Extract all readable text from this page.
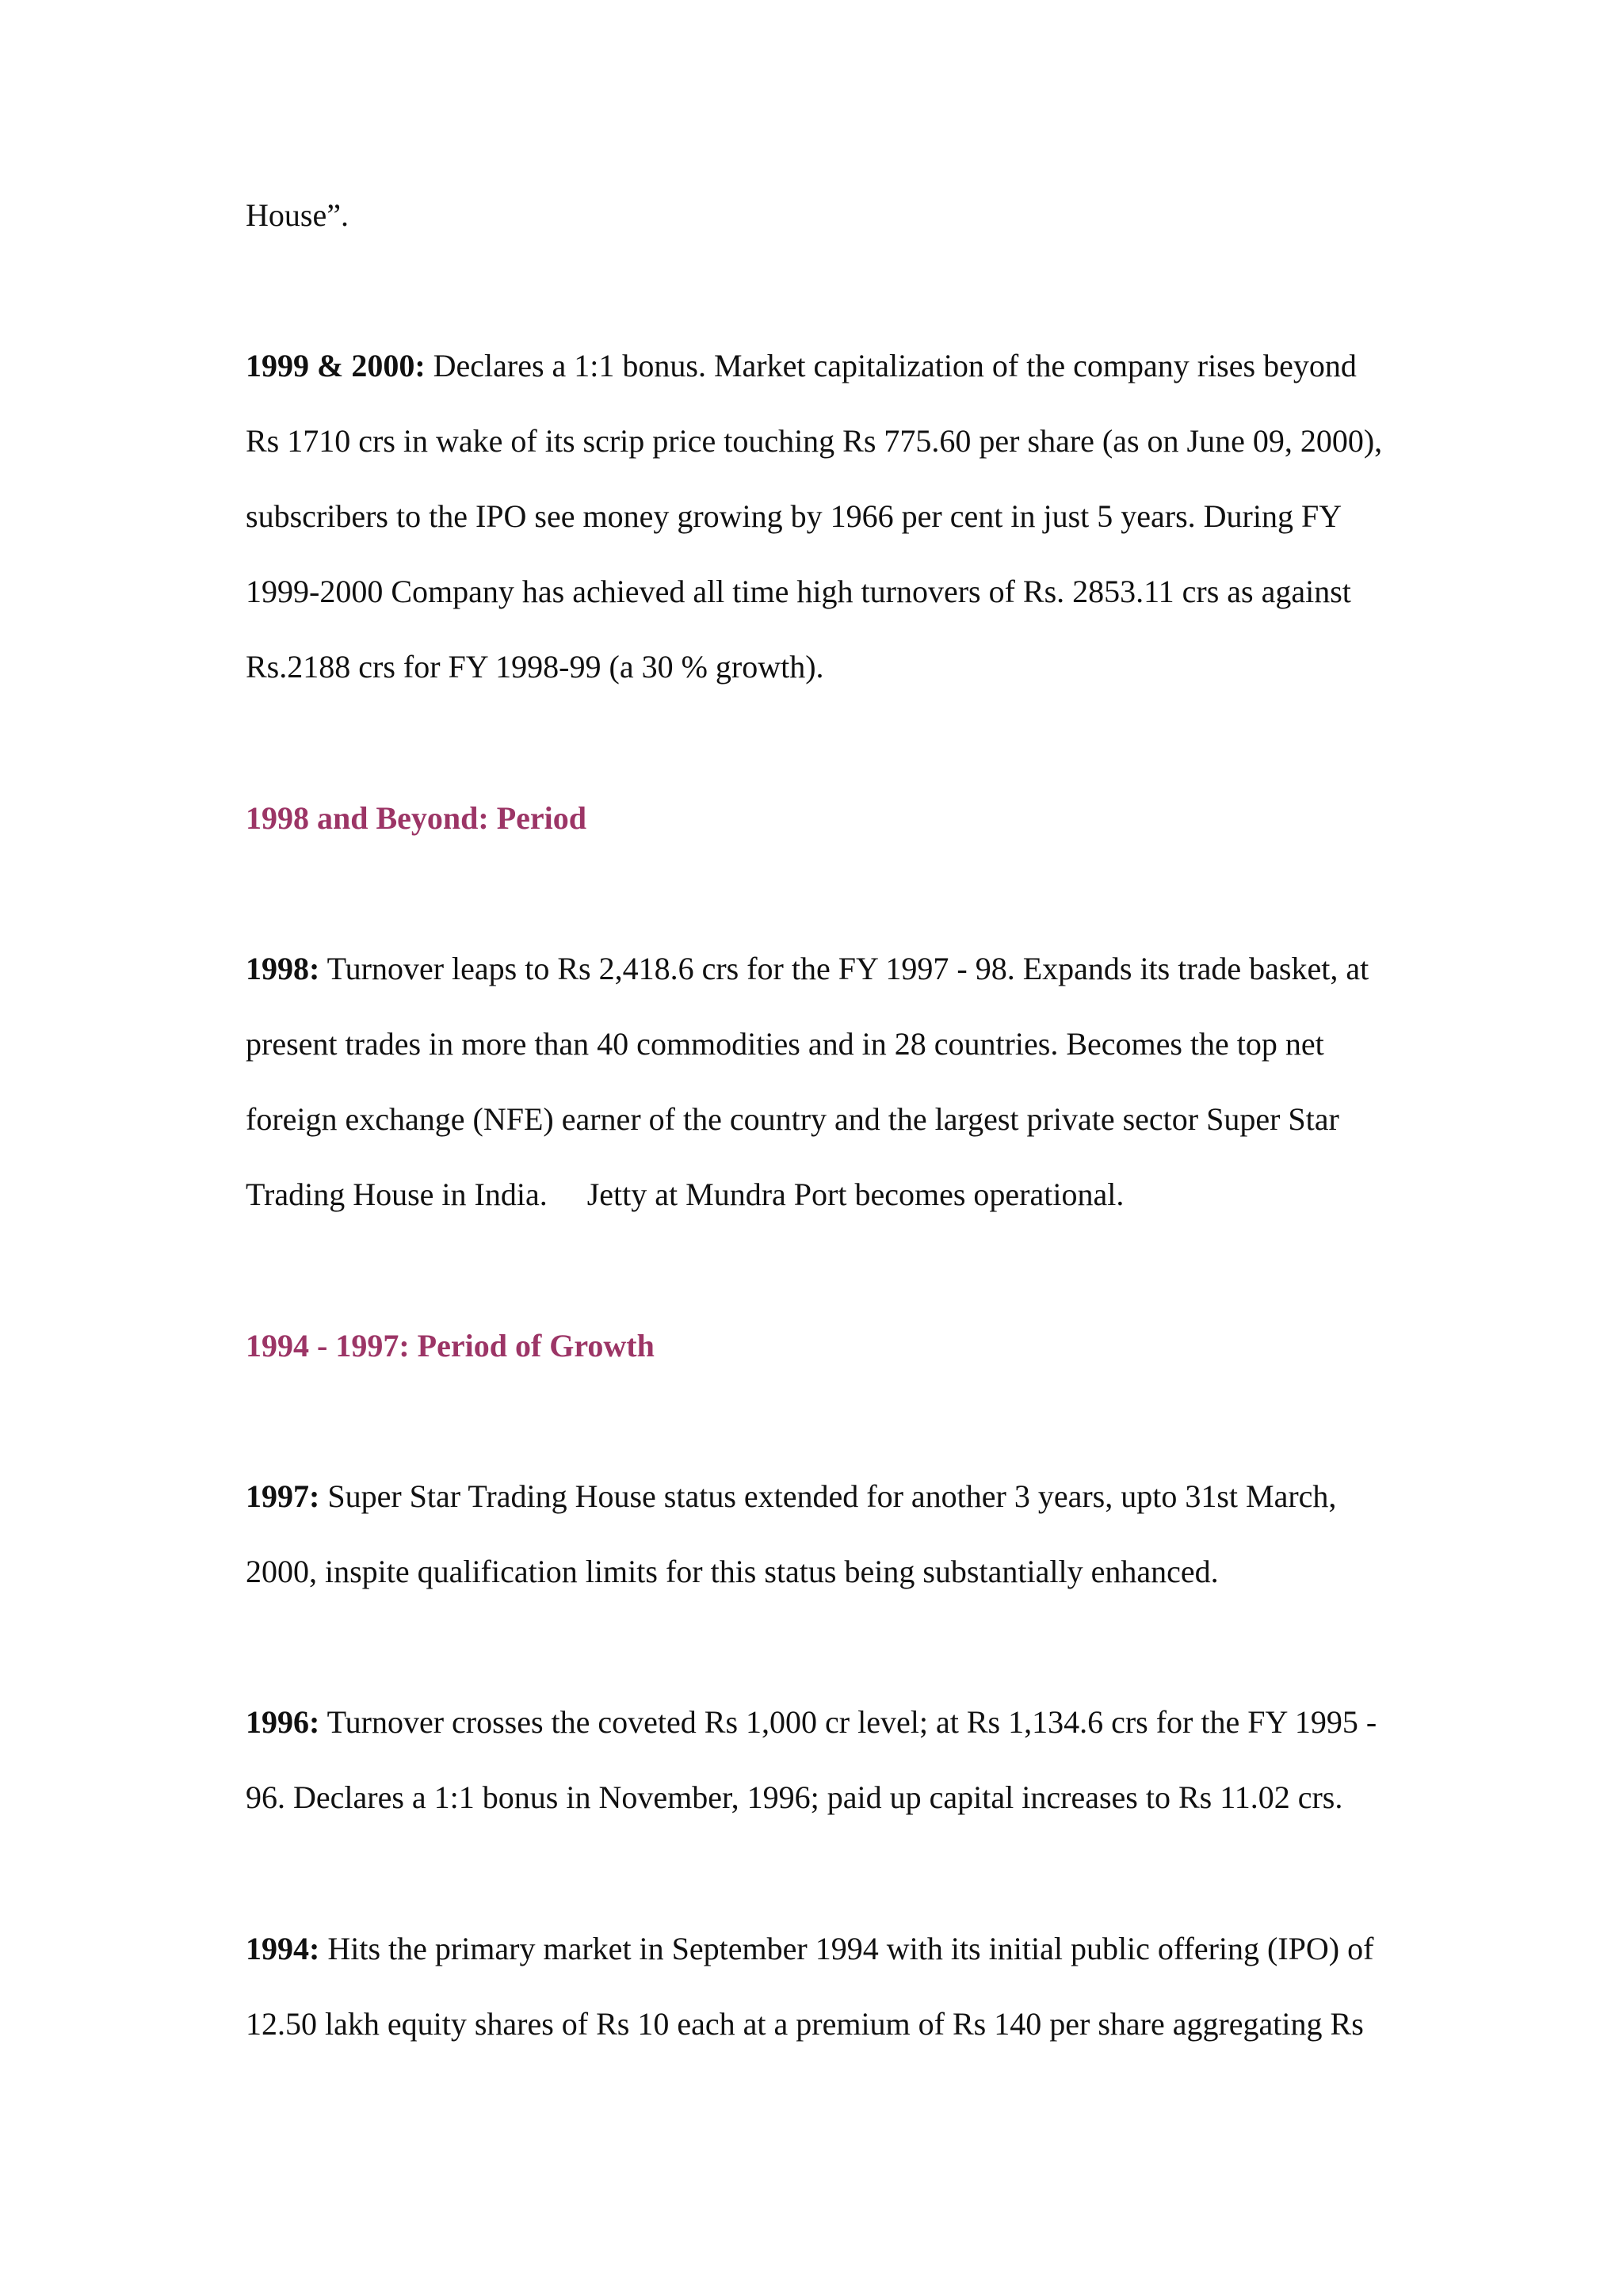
House”.
1999 & 2000: Declares a 1:1 bonus. Market capitalization of the company rises beyond
Rs 1710 crs in wake of its scrip price touching Rs 775.60 per share (as on June 09, 2000),
subscribers to the IPO see money growing by 1966 per cent in just 5 years. During FY
1999-2000 Company has achieved all time high turnovers of Rs. 2853.11 crs as against
Rs.2188 crs for FY 1998-99 (a 30 % growth).
1998 and Beyond: Period
1998: Turnover leaps to Rs 2,418.6 crs for the FY 1997 - 98. Expands its trade basket, at
present trades in more than 40 commodities and in 28 countries. Becomes the top net
foreign exchange (NFE) earner of the country and the largest private sector Super Star
Trading House in India.     Jetty at Mundra Port becomes operational.
1994 - 1997: Period of Growth
1997: Super Star Trading House status extended for another 3 years, upto 31st March,
2000, inspite qualification limits for this status being substantially enhanced.
1996: Turnover crosses the coveted Rs 1,000 cr level; at Rs 1,134.6 crs for the FY 1995 -
96. Declares a 1:1 bonus in November, 1996; paid up capital increases to Rs 11.02 crs.
1994: Hits the primary market in September 1994 with its initial public offering (IPO) of
12.50 lakh equity shares of Rs 10 each at a premium of Rs 140 per share aggregating Rs
